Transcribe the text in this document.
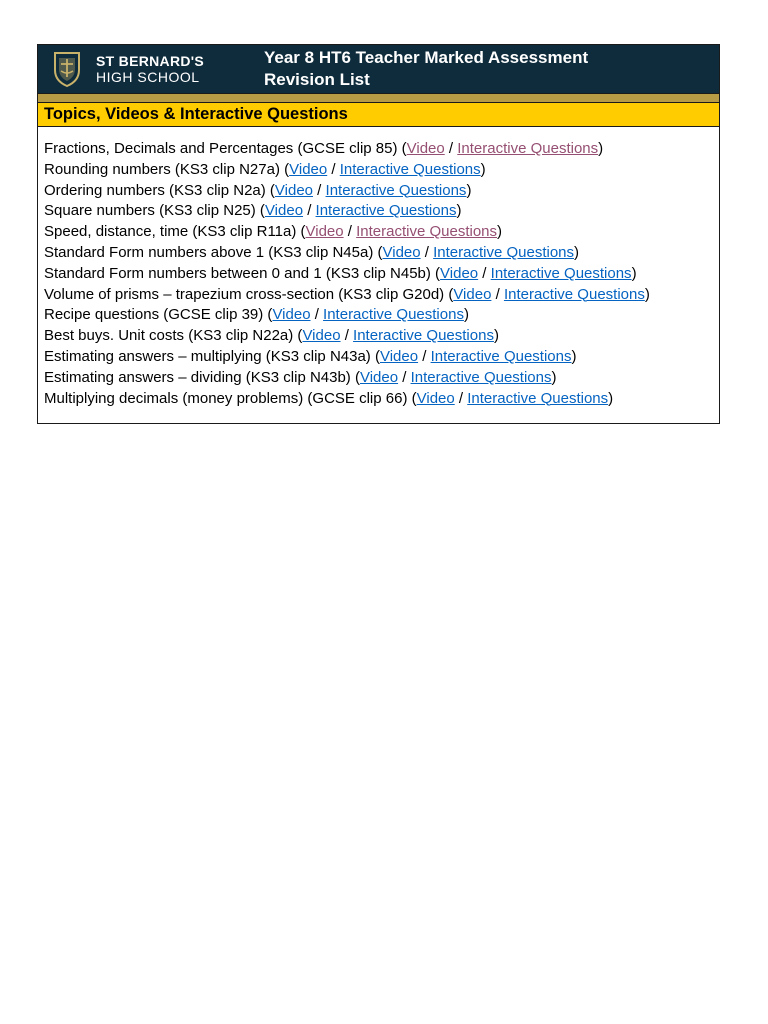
ST BERNARD'S
HIGH SCHOOL
Year 8 HT6 Teacher Marked Assessment
Revision List
Topics, Videos & Interactive Questions
Fractions, Decimals and Percentages (GCSE clip 85) (Video / Interactive Questions)
Rounding numbers (KS3 clip N27a) (Video / Interactive Questions)
Ordering numbers (KS3 clip N2a) (Video / Interactive Questions)
Square numbers (KS3 clip N25) (Video / Interactive Questions)
Speed, distance, time (KS3 clip R11a) (Video / Interactive Questions)
Standard Form numbers above 1 (KS3 clip N45a) (Video / Interactive Questions)
Standard Form numbers between 0 and 1 (KS3 clip N45b) (Video / Interactive Questions)
Volume of prisms – trapezium cross-section (KS3 clip G20d) (Video / Interactive Questions)
Recipe questions (GCSE clip 39) (Video / Interactive Questions)
Best buys. Unit costs (KS3 clip N22a) (Video / Interactive Questions)
Estimating answers – multiplying (KS3 clip N43a) (Video / Interactive Questions)
Estimating answers – dividing (KS3 clip N43b) (Video / Interactive Questions)
Multiplying decimals (money problems) (GCSE clip 66) (Video / Interactive Questions)
